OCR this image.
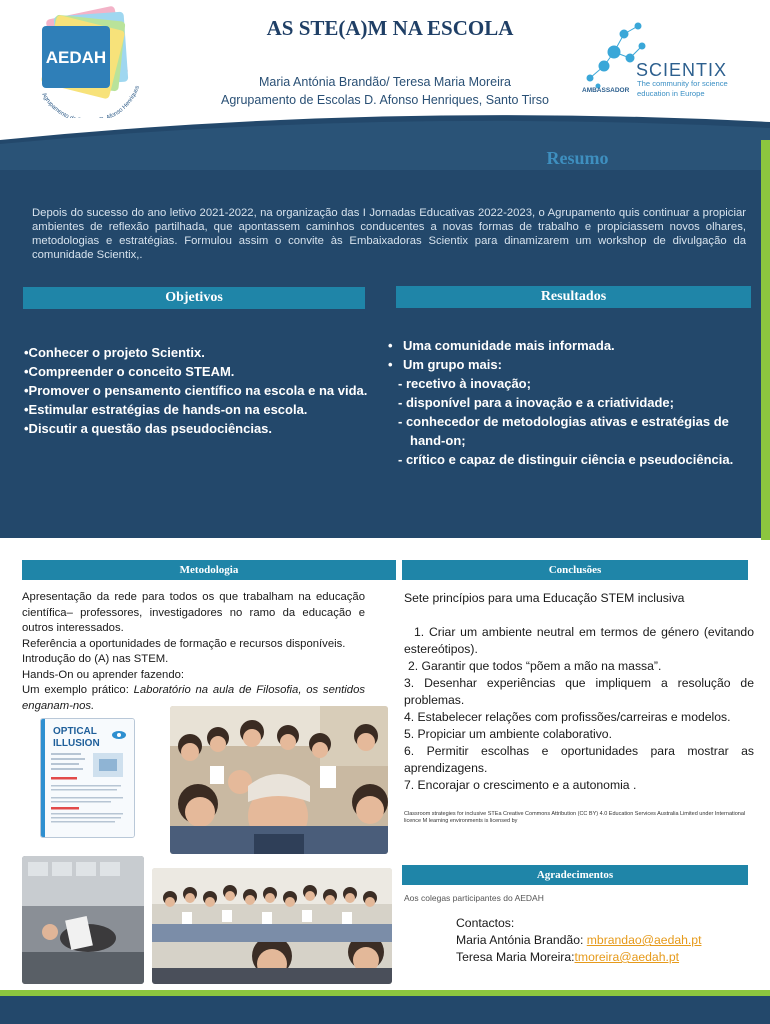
AEDAH
Agrupamento Afonso Henriques
AS STE(A)M NA ESCOLA
Maria Antónia Brandão/ Teresa Maria Moreira
Agrupamento de Escolas D. Afonso Henriques, Santo Tirso
SCIENTIX
AMBASSADOR
The community for science
education in Europe
Resumo
Depois do sucesso do ano letivo 2021-2022, na organização das I Jornadas Educativas 2022-2023, o Agrupamento quis continuar a propiciar ambientes de reflexão partilhada, que apontassem caminhos conducentes a novas formas de trabalho e propiciassem novos olhares, metodologias e estratégias. Formulou assim o convite às Embaixadoras Scientix para dinamizarem um workshop de divulgação da comunidade Scientix,.
Objetivos	Resultados
•Conhecer o projeto Scientix.
•Compreender o conceito STEAM.
•Promover o pensamento científico na escola e na vida.
•Estimular estratégias de hands-on na escola.
•Discutir a questão das pseudociências.
• Uma comunidade mais informada.
• Um grupo mais:
- recetivo à inovação;
- disponível para a inovação e a criatividade;
- conhecedor de metodologias ativas e estratégias de
hand-on;
- crítico e capaz de distinguir ciência e pseudociência.
Metodologia

Apresentação da rede para todos os que trabalham na educação científica– professores, investigadores no ramo da educação e outros interessados.

Referência a oportunidades de formação e recursos disponíveis.

Introdução do (A) nas STEM.

Hands-On ou aprender fazendo:

Um exemplo prático: Laboratório na aula de Filosofia, os sentidos enganam-nos.

OPTICAL
ILLUSION
Conclusões

Sete princípios para uma Educação STEM inclusiva

1. Criar um ambiente neutral em termos de género (evitando estereótipos).

2. Garantir que todos “põem a mão na massa”.

3. Desenhar experiências que impliquem a resolução de problemas.

4. Estabelecer relações com profissões/carreiras e modelos.

5. Propiciar um ambiente colaborativo.

6. Permitir escolhas e oportunidades para mostrar as aprendizagens.

7. Encorajar o crescimento e a autonomia .

Classroom strategies for inclusive STEa Creative Commons Attribution (CC BY) 4.0 Education Services Australia Limited under International licence M learning environments is licensed by
Agradecimentos
Aos colegas participantes do AEDAH
Contactos:
Maria Antónia Brandão: mbrandao@aedah.pt
Teresa Maria Moreira:tmoreira@aedah.pt
